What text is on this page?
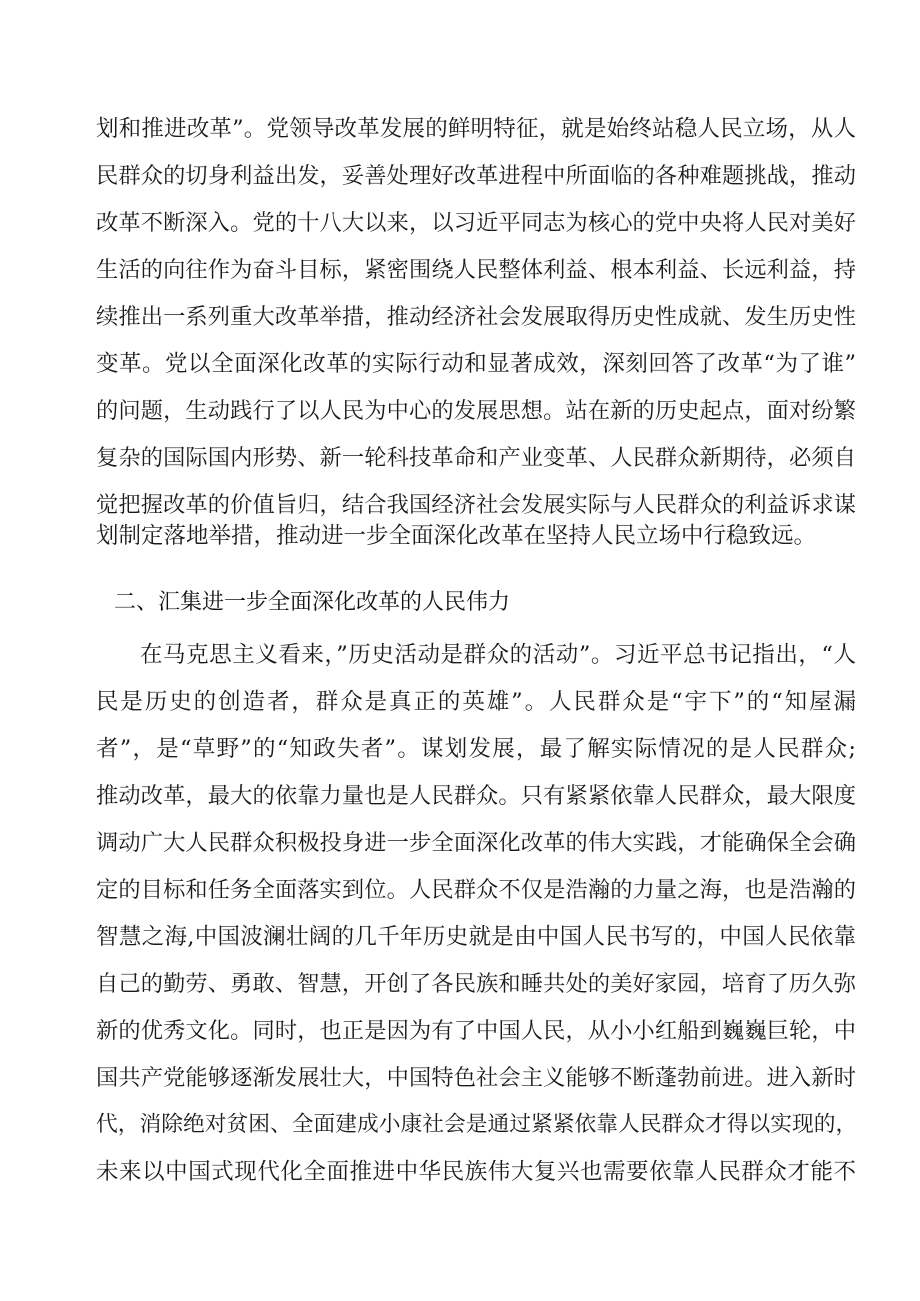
划和推进改革”。党领导改革发展的鲜明特征，就是始终站稳人民立场，从人
民群众的切身利益出发，妥善处理好改革进程中所面临的各种难题挑战，推动
改革不断深入。党的十八大以来，以习近平同志为核心的党中央将人民对美好
生活的向往作为奋斗目标，紧密围绕人民整体利益、根本利益、长远利益，持
续推出一系列重大改革举措，推动经济社会发展取得历史性成就、发生历史性
变革。党以全面深化改革的实际行动和显著成效，深刻回答了改革“为了谁”
的问题，生动践行了以人民为中心的发展思想。站在新的历史起点，面对纷繁
复杂的国际国内形势、新一轮科技革命和产业变革、人民群众新期待，必须自
觉把握改革的价值旨归，结合我国经济社会发展实际与人民群众的利益诉求谋
划制定落地举措，推动进一步全面深化改革在坚持人民立场中行稳致远。
二、汇集进一步全面深化改革的人民伟力
在马克思主义看来，”历史活动是群众的活动”。习近平总书记指出，“人
民是历史的创造者，群众是真正的英雄”。人民群众是“宇下”的“知屋漏
者”，是“草野”的“知政失者”。谋划发展，最了解实际情况的是人民群众;
推动改革，最大的依靠力量也是人民群众。只有紧紧依靠人民群众，最大限度
调动广大人民群众积极投身进一步全面深化改革的伟大实践，才能确保全会确
定的目标和任务全面落实到位。人民群众不仅是浩瀚的力量之海，也是浩瀚的
智慧之海,中国波澜壮阔的几千年历史就是由中国人民书写的，中国人民依靠
自己的勤劳、勇敢、智慧，开创了各民族和睡共处的美好家园，培育了历久弥
新的优秀文化。同时，也正是因为有了中国人民，从小小红船到巍巍巨轮，中
国共产党能够逐渐发展壮大，中国特色社会主义能够不断蓬勃前进。进入新时
代，消除绝对贫困、全面建成小康社会是通过紧紧依靠人民群众才得以实现的，
未来以中国式现代化全面推进中华民族伟大复兴也需要依靠人民群众才能不
